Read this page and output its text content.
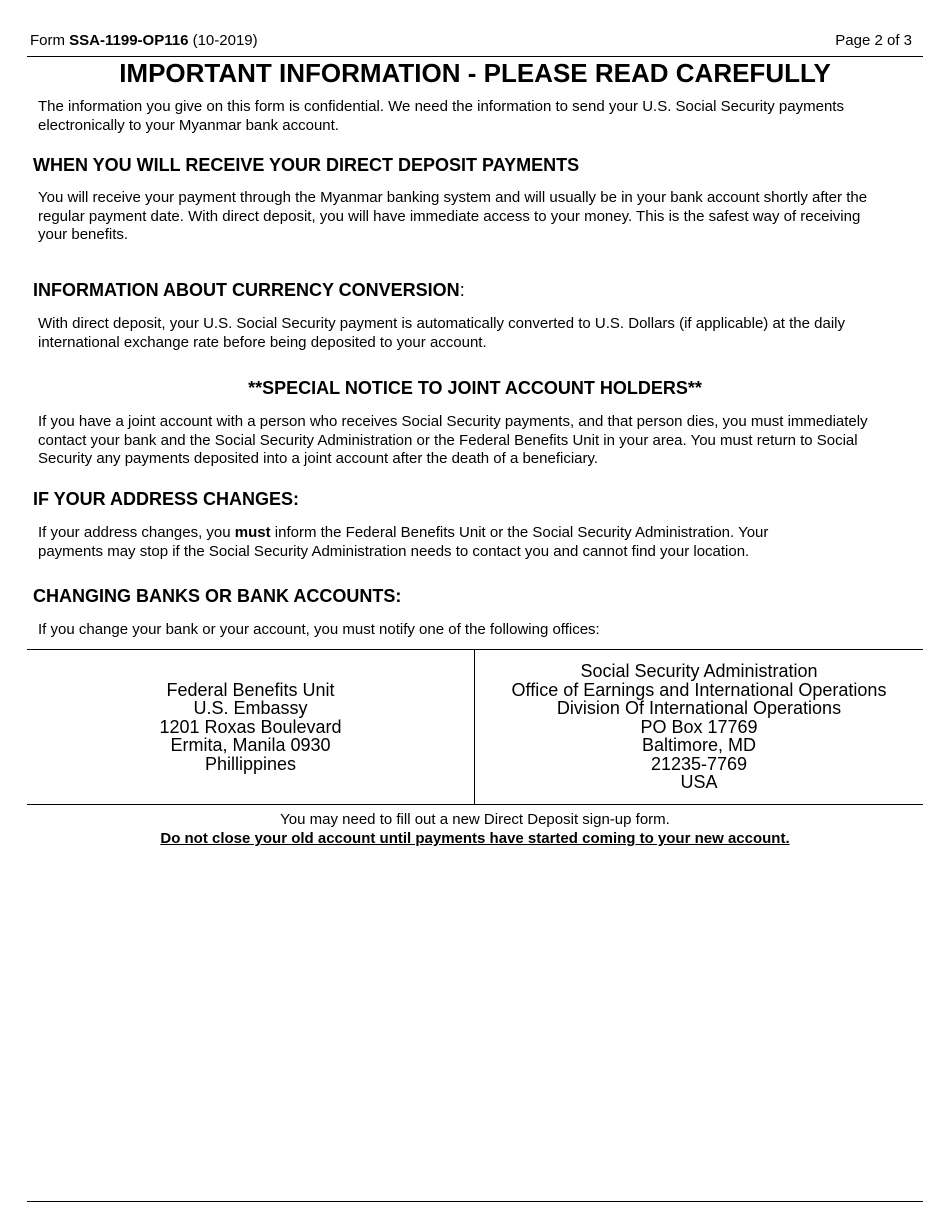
Form SSA-1199-OP116 (10-2019)	Page 2 of 3
IMPORTANT INFORMATION - PLEASE READ CAREFULLY
The information you give on this form is confidential. We need the information to send your U.S. Social Security payments
electronically to your Myanmar bank account.
WHEN YOU WILL RECEIVE YOUR DIRECT DEPOSIT PAYMENTS
You will receive your payment through the Myanmar banking system and will usually be in your bank account shortly after the
regular payment date. With direct deposit, you will have immediate access to your money. This is the safest way of receiving
your benefits.
INFORMATION ABOUT CURRENCY CONVERSION:
With direct deposit, your U.S. Social Security payment is automatically converted to U.S. Dollars (if applicable) at the daily
international exchange rate before being deposited to your account.
**SPECIAL NOTICE TO JOINT ACCOUNT HOLDERS**
If you have a joint account with a person who receives Social Security payments, and that person dies, you must immediately
contact your bank and the Social Security Administration or the Federal Benefits Unit in your area. You must return to Social
Security any payments deposited into a joint account after the death of a beneficiary.
IF YOUR ADDRESS CHANGES:
If your address changes, you must inform the Federal Benefits Unit or the Social Security Administration. Your
payments may stop if the Social Security Administration needs to contact you and cannot find your location.
CHANGING BANKS OR BANK ACCOUNTS:
If you change your bank or your account, you must notify one of the following offices:
Federal Benefits Unit
U.S. Embassy
1201 Roxas Boulevard
Ermita, Manila 0930
Phillippines
Social Security Administration
Office of Earnings and International Operations
Division Of International Operations
PO Box 17769
Baltimore, MD
21235-7769
USA
You may need to fill out a new Direct Deposit sign-up form.
Do not close your old account until payments have started coming to your new account.
